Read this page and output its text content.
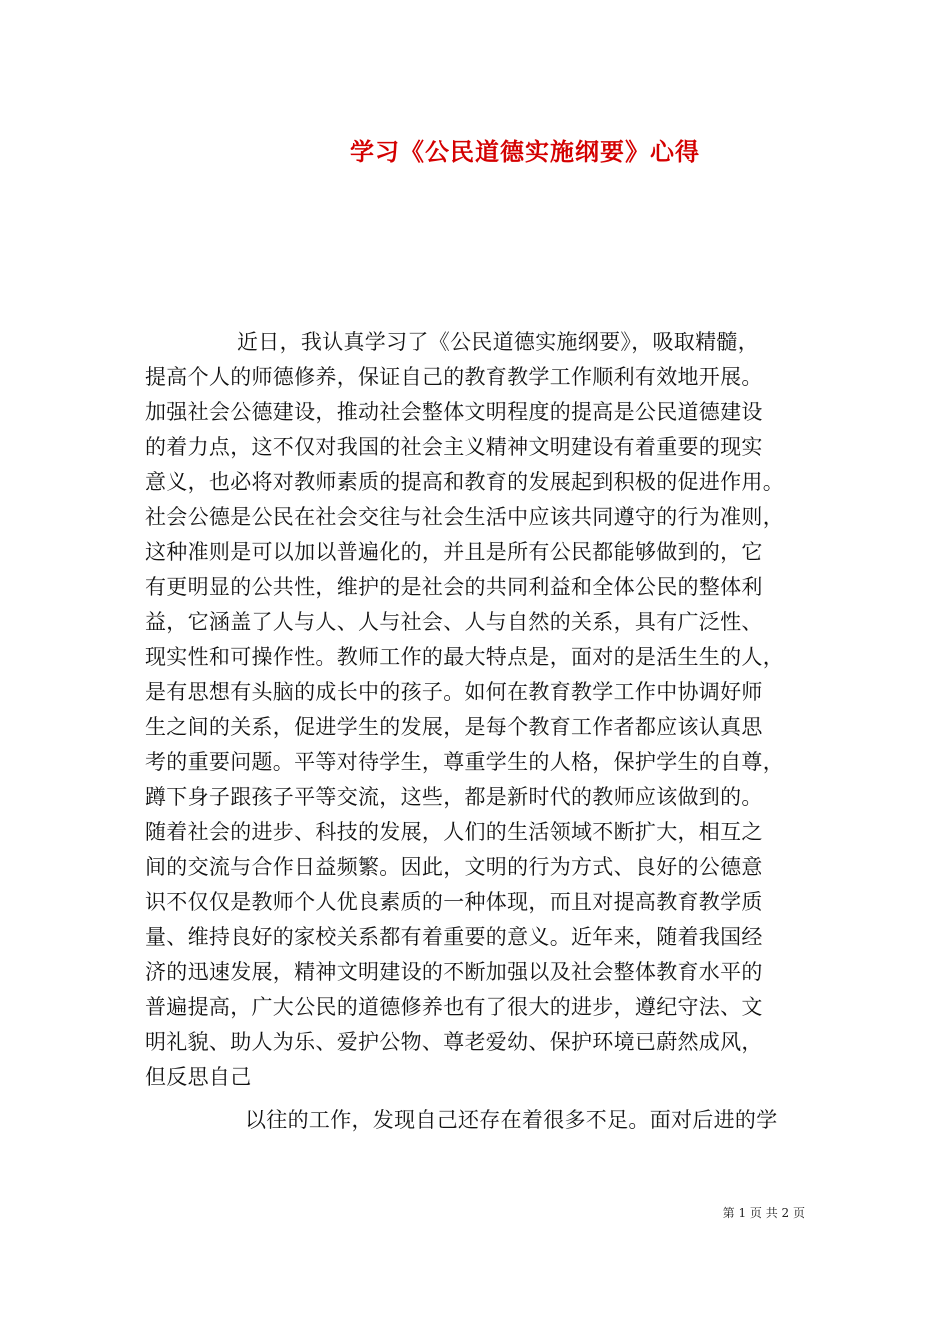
学习《公民道德实施纲要》心得
近日，我认真学习了《公民道德实施纲要》，吸取精髓，
提高个人的师德修养，保证自己的教育教学工作顺利有效地开展。
加强社会公德建设，推动社会整体文明程度的提高是公民道德建设
的着力点，这不仅对我国的社会主义精神文明建设有着重要的现实
意义，也必将对教师素质的提高和教育的发展起到积极的促进作用。
社会公德是公民在社会交往与社会生活中应该共同遵守的行为准则，
这种准则是可以加以普遍化的，并且是所有公民都能够做到的，它
有更明显的公共性，维护的是社会的共同利益和全体公民的整体利
益，它涵盖了人与人、人与社会、人与自然的关系，具有广泛性、
现实性和可操作性。教师工作的最大特点是，面对的是活生生的人，
是有思想有头脑的成长中的孩子。如何在教育教学工作中协调好师
生之间的关系，促进学生的发展，是每个教育工作者都应该认真思
考的重要问题。平等对待学生，尊重学生的人格，保护学生的自尊，
蹲下身子跟孩子平等交流，这些，都是新时代的教师应该做到的。
随着社会的进步、科技的发展，人们的生活领域不断扩大，相互之
间的交流与合作日益频繁。因此，文明的行为方式、良好的公德意
识不仅仅是教师个人优良素质的一种体现，而且对提高教育教学质
量、维持良好的家校关系都有着重要的意义。近年来，随着我国经
济的迅速发展，精神文明建设的不断加强以及社会整体教育水平的
普遍提高，广大公民的道德修养也有了很大的进步，遵纪守法、文
明礼貌、助人为乐、爱护公物、尊老爱幼、保护环境已蔚然成风，
但反思自己
以往的工作，发现自己还存在着很多不足。面对后进的学
第 1 页 共 2 页
